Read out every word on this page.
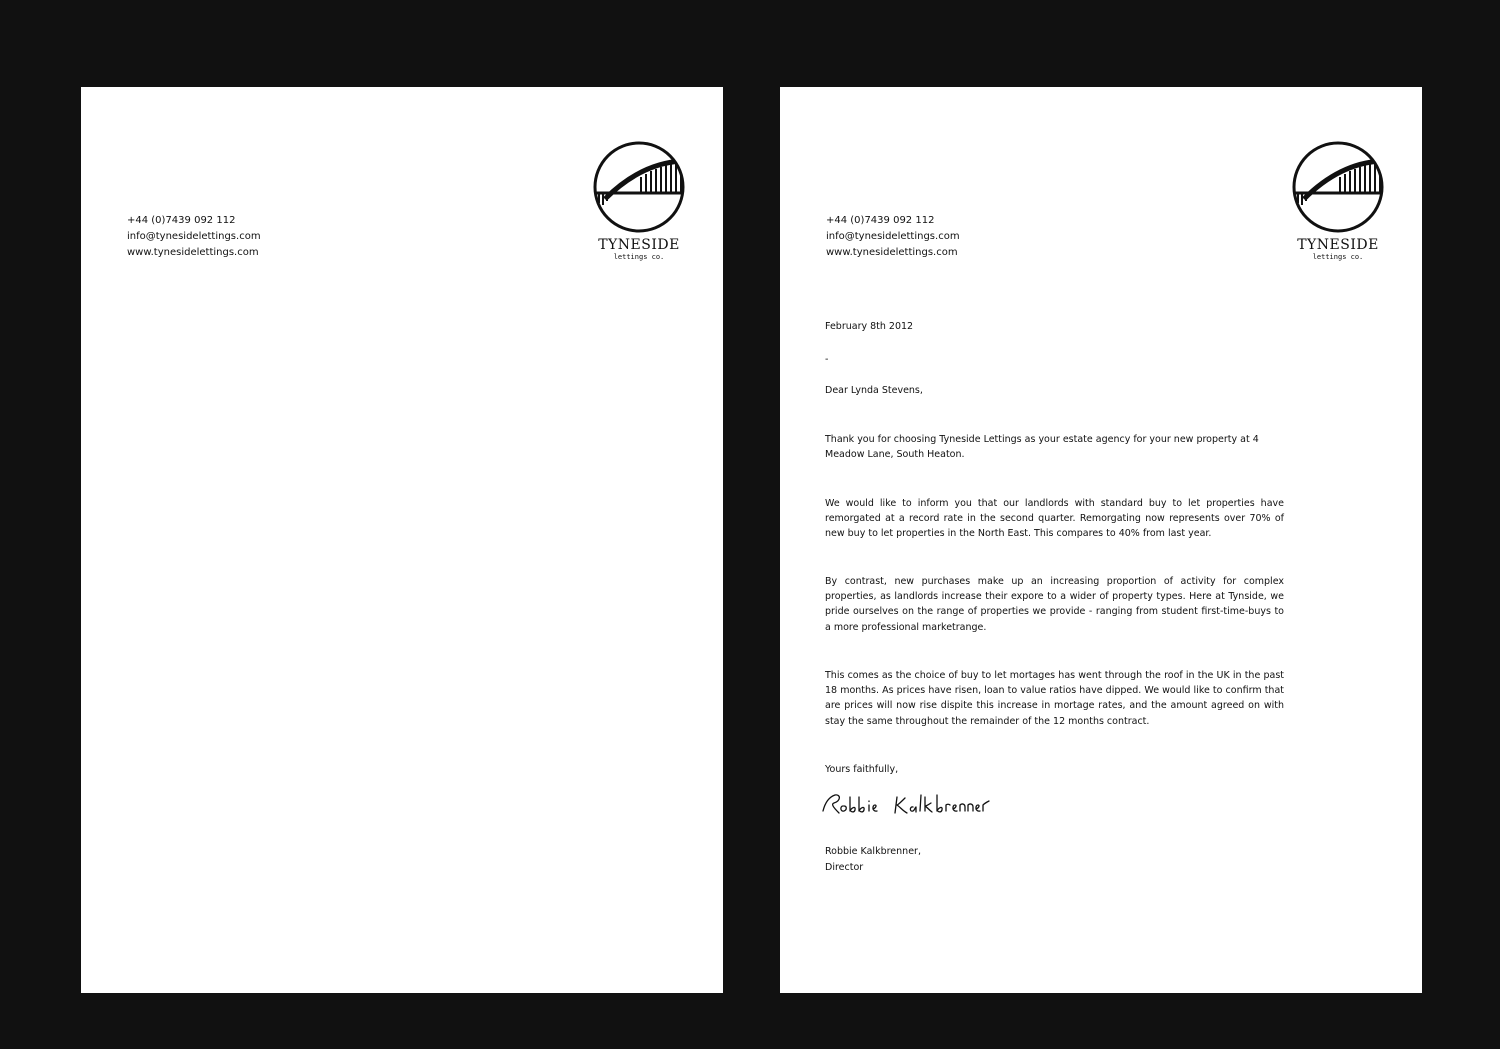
+44 (0)7439 092 112
info@tynesidelettings.com
www.tynesidelettings.com	TYNESIDE
lettings co.
+44 (0)7439 092 112
info@tynesidelettings.com
www.tynesidelettings.com	TYNESIDE
lettings co.

February 8th 2012

-

Dear Lynda Stevens,

Thank you for choosing Tyneside Lettings as your estate agency for your new property at 4 Meadow Lane, South Heaton.

We would like to inform you that our landlords with standard buy to let properties have remorgated at a record rate in the second quarter. Remorgating now represents over 70% of new buy to let properties in the North East. This compares to 40% from last year.

By contrast, new purchases make up an increasing proportion of activity for complex properties, as landlords increase their expore to a wider of property types. Here at Tynside, we pride ourselves on the range of properties we provide - ranging from student first-time-buys to a more professional marketrange.

This comes as the choice of buy to let mortages has went through the roof in the UK in the past 18 months. As prices have risen, loan to value ratios have dipped. We would like to confirm that are prices will now rise dispite this increase in mortage rates, and the amount agreed on with stay the same throughout the remainder of the 12 months contract.

Yours faithfully,

Robbie Kalkbrenner,

Director
